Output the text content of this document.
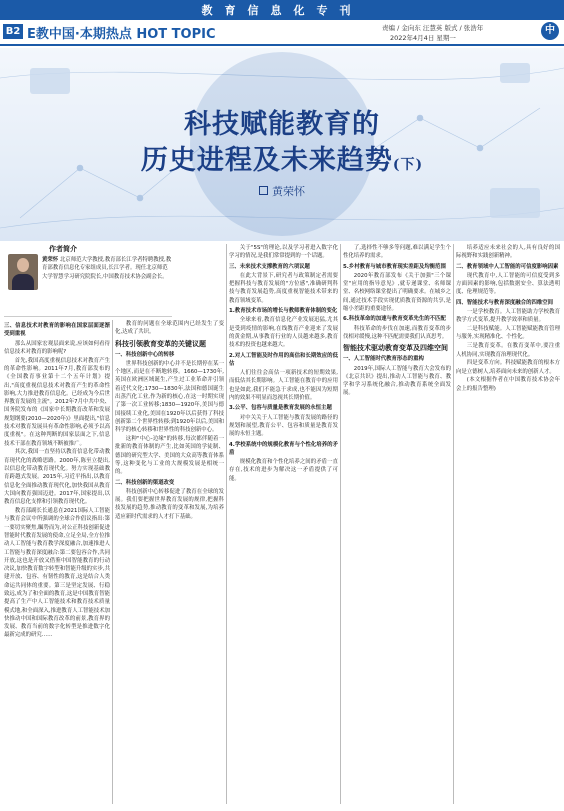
教育信息化专刊
B2 E教中国·本期热点 HOT TOPIC	责编 / 金向东 汪慧英 版式 / 张浩年
2022年4月4日 星期一
中
科技赋能教育的
历史进程及未来趋势(下)
黄荣怀
作者简介
黄荣怀 北京师范大学教授,教育部长江学者特聘教授,教育部教育信息化专家组成员,长江学者。现任北京师范大学智慧学习研究院院长,中国教育技术协会副会长。
三、信息技术对教育的影响在国家层面逐渐受到重视

那么从国家宏观层面来说,应该如何看待信息技术对教育的影响呢?

首先,我国高度重视信息技术对教育产生的革命性影响。2011年7月,教育部发布的《全国教育事业第十二个五年计划》提出,"高度重视信息技术对教育产生的革命性影响,大力推进教育信息化。已经成为今后世界教育发展的主流"。2012年7月中共中央、国务院发布的《国家中长期教育改革和发展规划纲要(2010—2020年)》里面提出,"信息技术对教育发展具有革命性影响,必须予以高度重视"。在这种判断的国家层面之下,信息技术干部在教育领域不断被推广。

其次,我国一直坚持以教育信息化带动教育现代化的战略思路。2000年,陈至立提出,以信息化带动教育现代化。努力实现基础教育跨越式发展。2015年,习近平指出,以教育信息化全面推动教育现代化,加快我国从教育大国向教育强国迈进。2017年,国家提出,以教育信息化支撑和引领教育现代化。

教育部副长长通息在2021国际人工智能与教育会议中所强调的全球合作倡议指出:第一要切实聚焦,瞩势而为,对公正科技创新促进智能时代教育发展的使命,立足全局,全方位推动人工智能与教育教学深度融合,加速推进人工智能与教育深度融合:第二要包容合作,共同开放,这也是开放又借鉴中国智能教育的行动决议,加快教育数字转型和智能升级的实步,共建开放、包容、有韧性的教育,这是结合人类命运共同体的重要。第三是坚定发展、行稳致远,成为了和全面的教育,这是中国教育智能提高了生产中人工智能技术和教育技术质量模式地,和全面深入,推进教育人工智能技术加快推动中国和国际教育改革的前景,教育界的发展、教育当前的数字化转型是推进数字化最新完成的研究……

教育的问题在全球范围内已经发生了变化,达成了共识。

科技引领教育变革的关键议题
一、科技创新中心的转移

世界科技创新的中心并不是长期停在某一个地区,而是在不断地转移。1660—1730年,英国在欧洲区域诞生,产生过工业革命并引领着近代文化;1730—1830年,法国和德国诞生出蒸汽化工业,作为新的核心,在这一时期实现了第一次工业转移;1830—1920年,美国与德国接续工业化,美国在1920年以后获得了科技创新第二个世界性转移;到1920年以后,美国和科学的核心转移和世界性的科技创新中心。

这种"中心-边缘"的转移,每次都伴随着一批新的教育体制的产生,比如英国的学徒制、德国的研究型大学、美国的大众高等教育体系等,这种变化与工业的大规模发展是相统一的。

二、科技创新的渠道改变

科技创新中心转移促进了教育在全球的发展。我们要把握世界教育发展的规律,把握科技发展的趋势,推动教育的变革和发展,为培养适应新时代需求的人才打下基础。

关于"5S"的理论,以及学习者进入数字化学习的情况,是我们常常提到的一个话题。

三、未来技术支撑教育的六项议题

在此大背景下,研究者与政策制定者需要把握科技与教育发展的"方位感",准确研判科技与教育发展趋势,高度重视智能技术带来的教育领域变革。

1.教育技术市场的增长与教师教育体制的变化

全球来看,教育信息化产业发展迅猛,尤其是受到疫情的影响,在线教育产业迎来了发展的黄金期,从事教育行业的人员越来越多,教育技术的投资也越来越大。

2.对人工智能及时作用的高估和长期效应的低估

人们往往会高估一项新技术的短期效果,而低估其长期影响。人工智能在教育中的应用也是如此,我们不能急于求成,也不能因为短期内的效果不明显而忽视其长期价值。

3.公平、包容与质量是教育发展的永恒主题

对中关关于人工智能与教育发展的路径的规划和展望,教育公平、包容和质量是教育发展的永恒主题。

4.学校系统中的规模化教育与个性化培养的矛盾

规模化教育和个性化培养之间的矛盾一直存在,技术的进步为解决这一矛盾提供了可能。

了,选择性不够多等问题,难以满足学生个性化培养的需求。

5.乡村教育与城市教育现实差距及均衡范围

2020年教育部发布《关于加强"三个课堂"应用的指导意见》,就专递课堂、名师课堂、名校网络课堂提出了明确要求。在城乡之间,通过技术手段实现优质教育资源的共享,是缩小差距的重要途径。

6.科技革命的加速与教育变革先生的不匹配

科技革命的步伐在加速,而教育变革的步伐相对缓慢,这种不匹配需要我们认真思考。

智能技术驱动教育变革及四维空间
一、人工智能时代教育形态的重构

2019年,国际人工智能与教育大会发布的《北京共识》提出,推动人工智能与教育、教学和学习系统化融合,推动教育系统全面发展。

培养适应未来社会的人,具有良好的国际视野和实践创新精神。

二、教育领域中人工智能的可信度影响因素

现代教育中,人工智能的可信度受到多方面因素的影响,包括数据安全、算法透明度、伦理规范等。

四、智能技术与教育深度融合的四维空间

一是学校教育。人工智能助力学校教育教学方式变革,提升教学效率和质量。

二是科技赋能。人工智能赋能教育管理与服务,实现精准化、个性化。

三是教育变革。在教育变革中,要注重人机协同,实现教育治理现代化。

四是变革方向。科技赋能教育的根本方向是立德树人,培养面向未来的创新人才。

(本文根据作者在中国教育技术协会年会上的报告整理)
